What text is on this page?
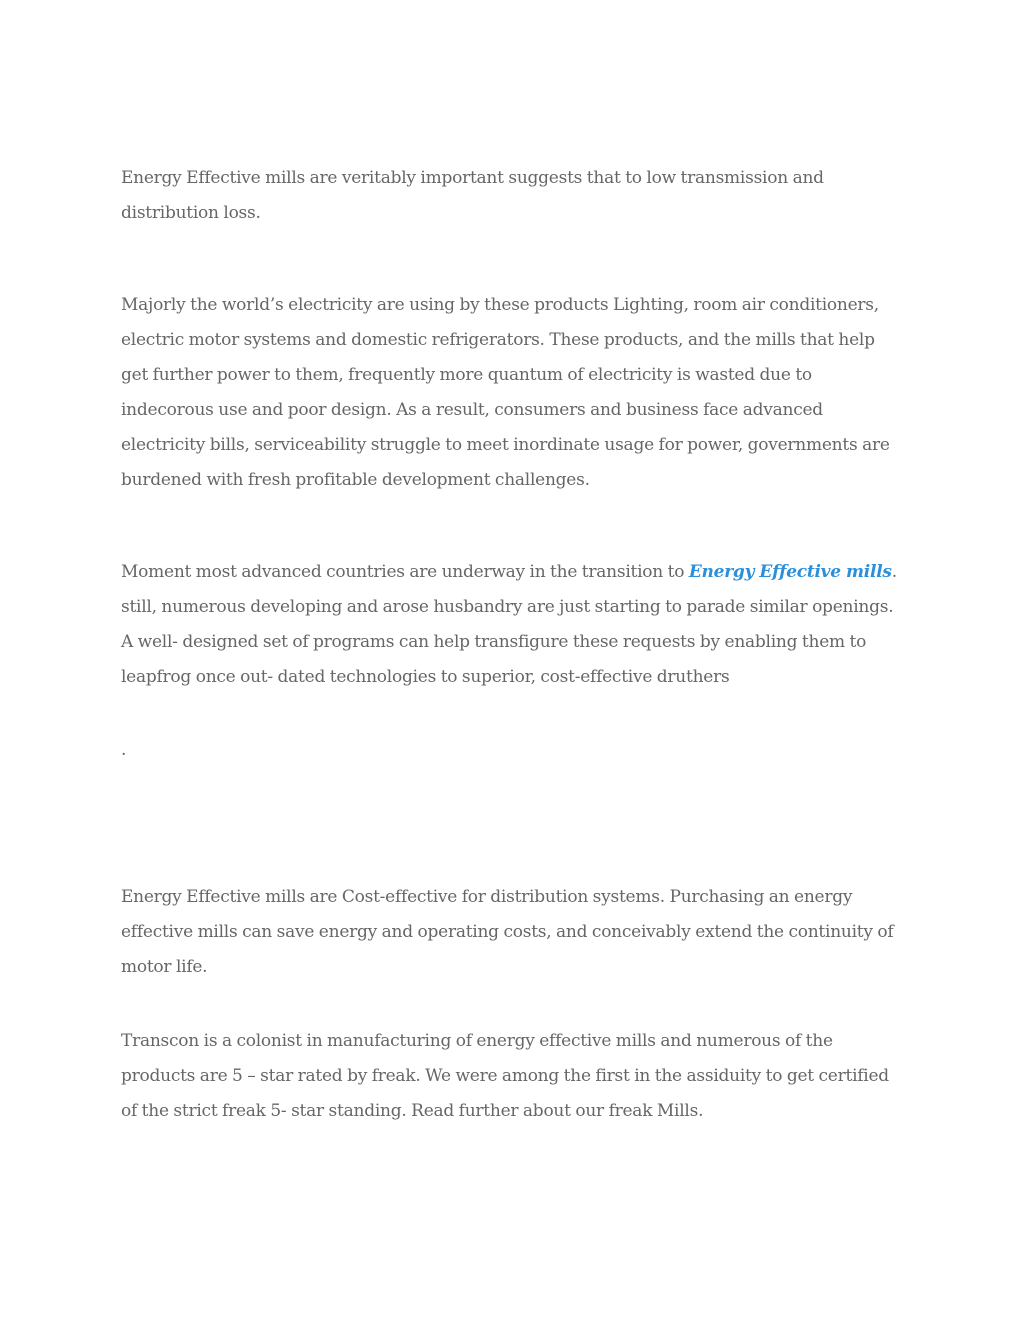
Energy Effective mills are veritably important suggests that to low transmission and distribution loss.

Majorly the world’s electricity are using by these products Lighting, room air conditioners, electric motor systems and domestic refrigerators. These products, and the mills that help get further power to them, frequently more quantum of electricity is wasted due to indecorous use and poor design. As a result, consumers and business face advanced electricity bills, serviceability struggle to meet inordinate usage for power, governments are burdened with fresh profitable development challenges.

Moment most advanced countries are underway in the transition to Energy Effective mills. still, numerous developing and arose husbandry are just starting to parade similar openings. A well- designed set of programs can help transfigure these requests by enabling them to leapfrog once out- dated technologies to superior, cost-effective druthers

.

Energy Effective mills are Cost-effective for distribution systems. Purchasing an energy effective mills can save energy and operating costs, and conceivably extend the continuity of motor life.

Transcon is a colonist in manufacturing of energy effective mills and numerous of the products are 5 – star rated by freak. We were among the first in the assiduity to get certified of the strict freak 5- star standing. Read further about our freak Mills.
